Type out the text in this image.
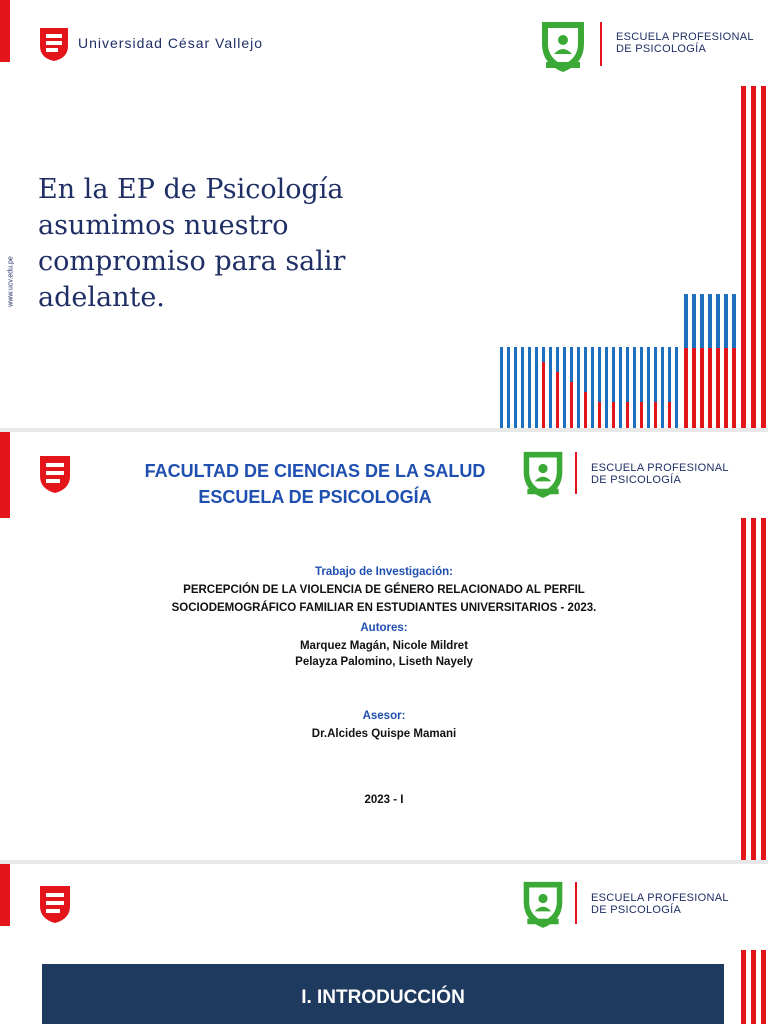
Universidad César Vallejo	ESCUELA PROFESIONAL
DE PSICOLOGÍA
www.ucv.edu.pe
En la EP de Psicología
asumimos nuestro
compromiso para salir
adelante.
FACULTAD DE CIENCIAS DE LA SALUD
ESCUELA DE PSICOLOGÍA
ESCUELA PROFESIONAL
DE PSICOLOGÍA
Trabajo de Investigación:
PERCEPCIÓN DE LA VIOLENCIA DE GÉNERO RELACIONADO AL PERFIL
SOCIODEMOGRÁFICO FAMILIAR EN ESTUDIANTES UNIVERSITARIOS - 2023.
Autores:
Marquez Magán, Nicole Mildret
Pelayza Palomino, Liseth Nayely
Asesor:
Dr.Alcides Quispe Mamani
2023 - I
ESCUELA PROFESIONAL
DE PSICOLOGÍA
I. INTRODUCCIÓN
